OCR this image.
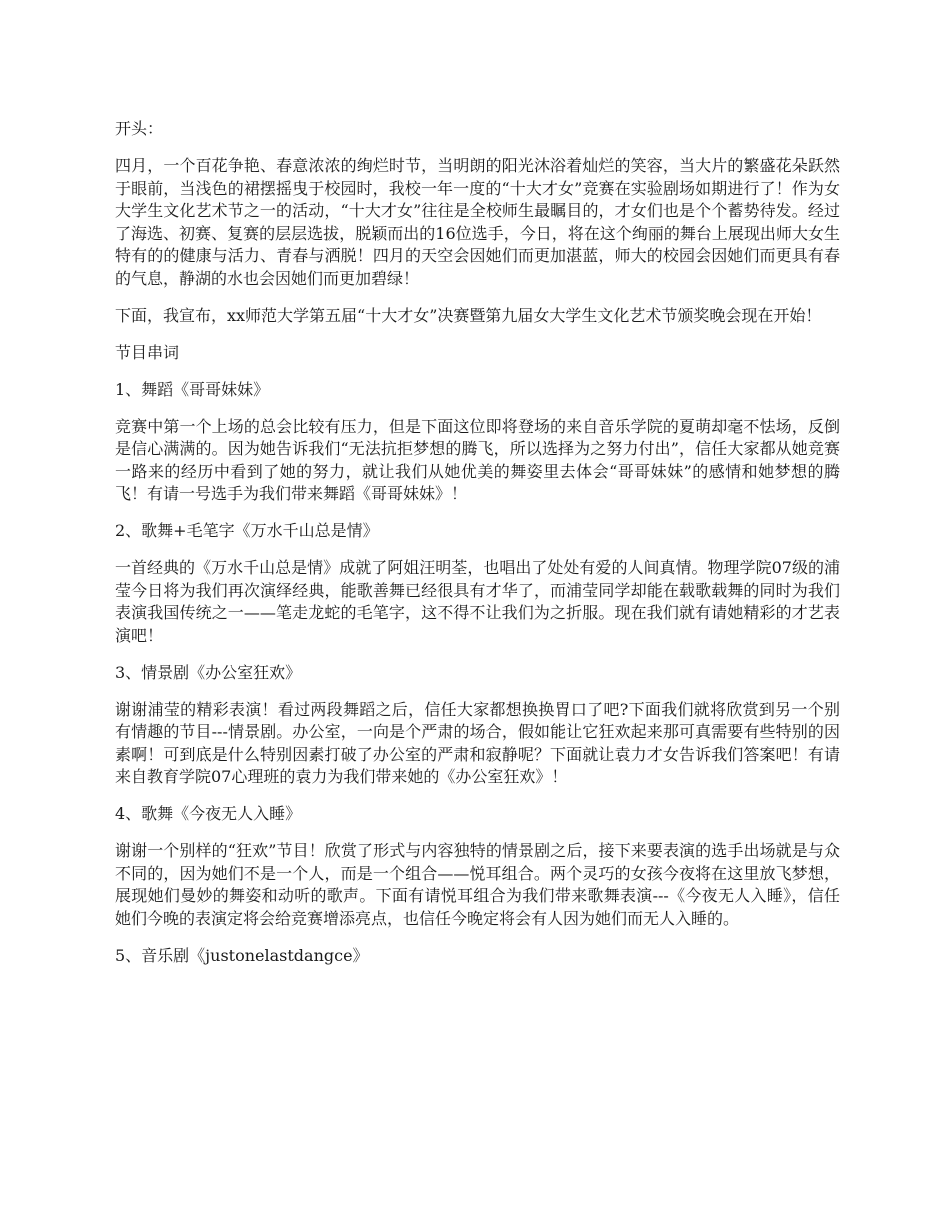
开头：

四月，一个百花争艳、春意浓浓的绚烂时节，当明朗的阳光沐浴着灿烂的笑容，当大片的繁盛花朵跃然于眼前，当浅色的裙摆摇曳于校园时，我校一年一度的“十大才女”竞赛在实验剧场如期进行了！作为女大学生文化艺术节之一的活动，“十大才女”往往是全校师生最瞩目的，才女们也是个个蓄势待发。经过了海选、初赛、复赛的层层选拔，脱颖而出的16位选手，今日，将在这个绚丽的舞台上展现出师大女生特有的的健康与活力、青春与洒脱！四月的天空会因她们而更加湛蓝，师大的校园会因她们而更具有春的气息，静湖的水也会因她们而更加碧绿！

下面，我宣布，xx师范大学第五届“十大才女”决赛暨第九届女大学生文化艺术节颁奖晚会现在开始！

节目串词

1、舞蹈《哥哥妹妹》

竞赛中第一个上场的总会比较有压力，但是下面这位即将登场的来自音乐学院的夏萌却毫不怯场，反倒是信心满满的。因为她告诉我们“无法抗拒梦想的腾飞，所以选择为之努力付出”，信任大家都从她竞赛一路来的经历中看到了她的努力，就让我们从她优美的舞姿里去体会“哥哥妹妹”的感情和她梦想的腾飞！有请一号选手为我们带来舞蹈《哥哥妹妹》！

2、歌舞+毛笔字《万水千山总是情》

一首经典的《万水千山总是情》成就了阿姐汪明荃，也唱出了处处有爱的人间真情。物理学院07级的浦莹今日将为我们再次演绎经典，能歌善舞已经很具有才华了，而浦莹同学却能在载歌载舞的同时为我们表演我国传统之一——笔走龙蛇的毛笔字，这不得不让我们为之折服。现在我们就有请她精彩的才艺表演吧！

3、情景剧《办公室狂欢》

谢谢浦莹的精彩表演！看过两段舞蹈之后，信任大家都想换换胃口了吧?下面我们就将欣赏到另一个别有情趣的节目---情景剧。办公室，一向是个严肃的场合，假如能让它狂欢起来那可真需要有些特别的因素啊！可到底是什么特别因素打破了办公室的严肃和寂静呢？下面就让袁力才女告诉我们答案吧！有请来自教育学院07心理班的袁力为我们带来她的《办公室狂欢》！

4、歌舞《今夜无人入睡》

谢谢一个别样的“狂欢”节目！欣赏了形式与内容独特的情景剧之后，接下来要表演的选手出场就是与众不同的，因为她们不是一个人，而是一个组合——悦耳组合。两个灵巧的女孩今夜将在这里放飞梦想，展现她们曼妙的舞姿和动听的歌声。下面有请悦耳组合为我们带来歌舞表演---《今夜无人入睡》，信任她们今晚的表演定将会给竞赛增添亮点，也信任今晚定将会有人因为她们而无人入睡的。

5、音乐剧《justonelastdangce》
